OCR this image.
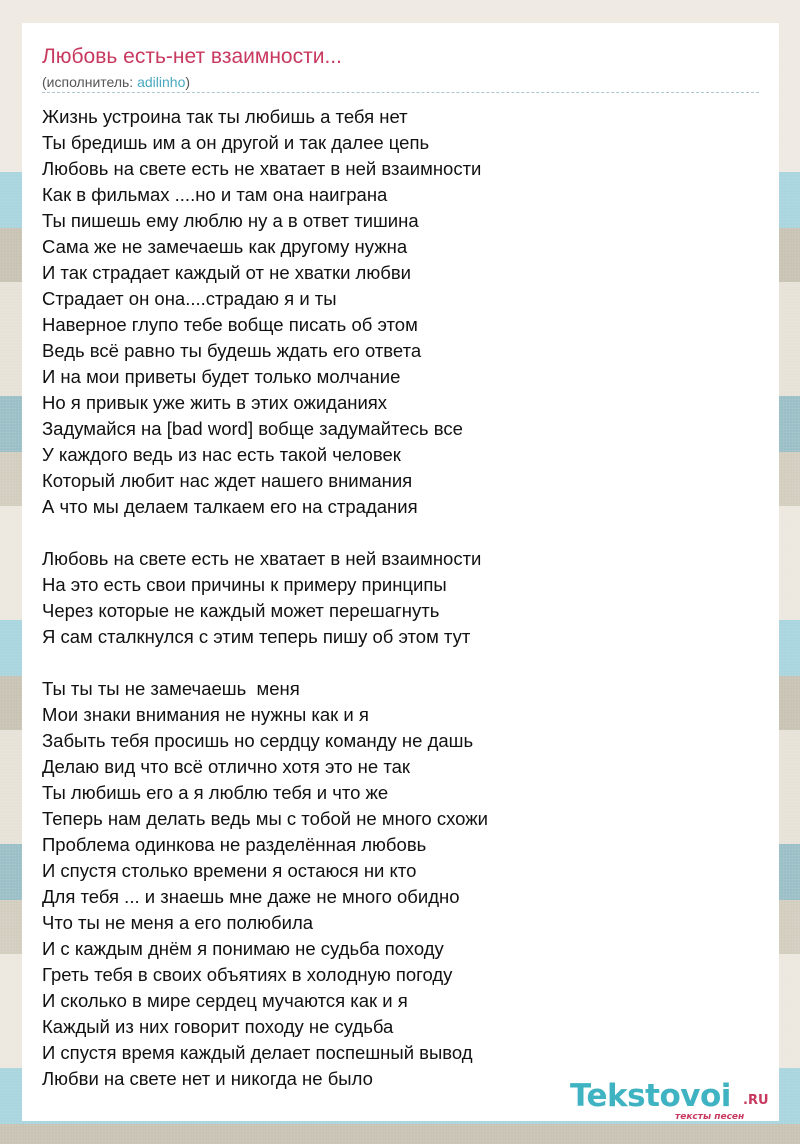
Любовь есть-нет взаимности...
(исполнитель: adilinho)
Жизнь устроина так ты любишь а тебя нет
Ты бредишь им а он другой и так далее цепь
Любовь на свете есть не хватает в ней взаимности
Как в фильмах ....но и там она наиграна
Ты пишешь ему люблю ну а в ответ тишина
Сама же не замечаешь как другому нужна
И так страдает каждый от не хватки любви
Страдает он она....страдаю я и ты
Наверное глупо тебе вобще писать об этом
Ведь всё равно ты будешь ждать его ответа
И на мои приветы будет только молчание
Но я привык уже жить в этих ожиданиях
Задумайся на [bad word] вобще задумайтесь все
У каждого ведь из нас есть такой человек
Который любит нас ждет нашего внимания
А что мы делаем талкаем его на страдания
Любовь на свете есть не хватает в ней взаимности
На это есть свои причины к примеру принципы
Через которые не каждый может перешагнуть
Я сам сталкнулся с этим теперь пишу об этом тут
Ты ты ты не замечаешь  меня
Мои знаки внимания не нужны как и я
Забыть тебя просишь но сердцу команду не дашь
Делаю вид что всё отлично хотя это не так
Ты любишь его а я люблю тебя и что же
Теперь нам делать ведь мы с тобой не много схожи
Проблема одинкова не разделённая любовь
И спустя столько времени я остаюся ни кто
Для тебя ... и знаешь мне даже не много обидно
Что ты не меня а его полюбила
И с каждым днём я понимаю не судьба походу
Греть тебя в своих объятиях в холодную погоду
И сколько в мире сердец мучаются как и я
Каждый из них говорит походу не судьба
И спустя время каждый делает поспешный вывод
Любви на свете нет и никогда не было	Tekstovoi .RU
тексты песен
